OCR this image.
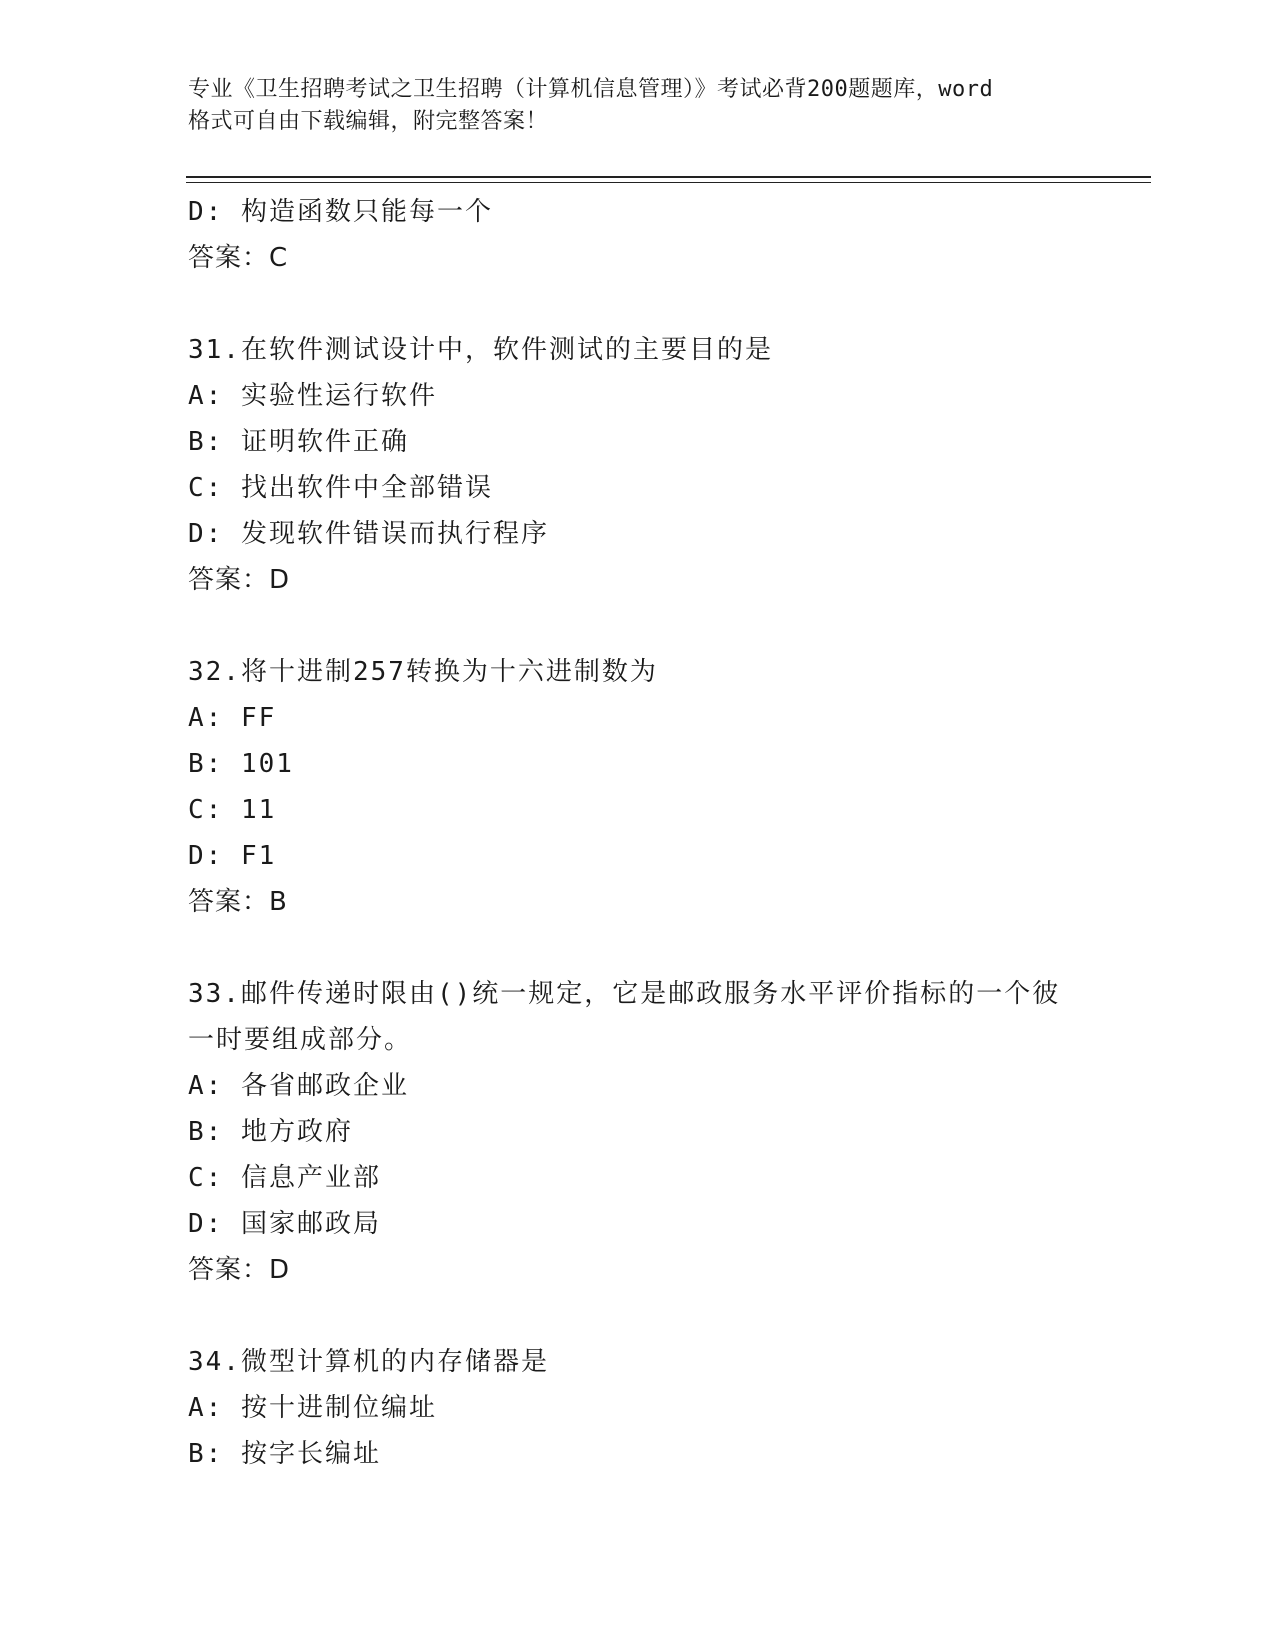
专业《卫生招聘考试之卫生招聘（计算机信息管理）》考试必背200题题库，word
格式可自由下载编辑，附完整答案！
D: 构造函数只能每一个
答案：C
31.在软件测试设计中，软件测试的主要目的是
A: 实验性运行软件
B: 证明软件正确
C: 找出软件中全部错误
D: 发现软件错误而执行程序
答案：D
32.将十进制257转换为十六进制数为
A: FF
B: 101
C: 11
D: F1
答案：B
33.邮件传递时限由()统一规定，它是邮政服务水平评价指标的一个彼
一时要组成部分。
A: 各省邮政企业
B: 地方政府
C: 信息产业部
D: 国家邮政局
答案：D
34.微型计算机的内存储器是
A: 按十进制位编址
B: 按字长编址
